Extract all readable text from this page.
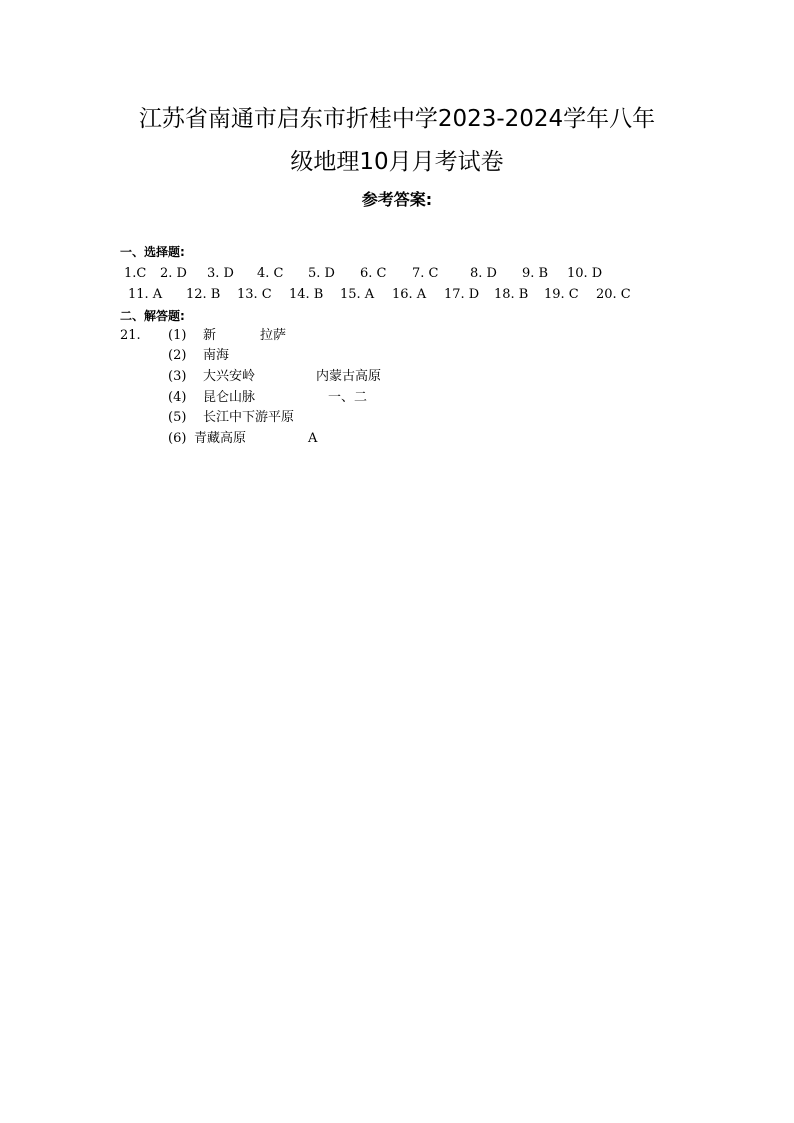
江苏省南通市启东市折桂中学2023-2024学年八年
级地理10月月考试卷
参考答案:
一、选择题:
1.C 2. D 3. D 4. C 5. D 6. C 7. C 8. D 9. B 10. D
11. A 12. B 13. C 14. B 15. A 16. A 17. D 18. B 19. C 20. C
二、解答题:
21. (1) 新	拉萨
(2) 南海
(3) 大兴安岭	内蒙古高原
(4) 昆仑山脉	一、二
(5) 长江中下游平原
(6) 青藏高原	A
